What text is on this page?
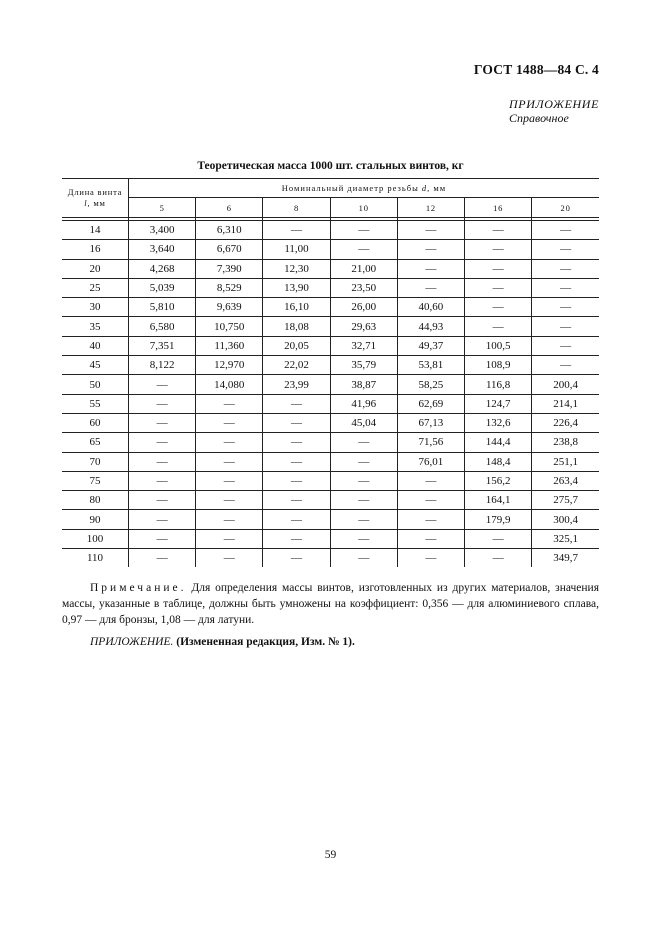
ГОСТ 1488—84 С. 4
ПРИЛОЖЕНИЕ
Справочное
Теоретическая масса 1000 шт. стальных винтов, кг
Длина винта
l, мм	Номинальный диаметр резьбы d, мм						
	5	6	8	10	12	16	20

14	3,400	6,310	—	—	—	—	—
16	3,640	6,670	11,00	—	—	—	—
20	4,268	7,390	12,30	21,00	—	—	—
25	5,039	8,529	13,90	23,50	—	—	—
30	5,810	9,639	16,10	26,00	40,60	—	—
35	6,580	10,750	18,08	29,63	44,93	—	—
40	7,351	11,360	20,05	32,71	49,37	100,5	—
45	8,122	12,970	22,02	35,79	53,81	108,9	—
50	—	14,080	23,99	38,87	58,25	116,8	200,4
55	—	—	—	41,96	62,69	124,7	214,1
60	—	—	—	45,04	67,13	132,6	226,4
65	—	—	—	—	71,56	144,4	238,8
70	—	—	—	—	76,01	148,4	251,1
75	—	—	—	—	—	156,2	263,4
80	—	—	—	—	—	164,1	275,7
90	—	—	—	—	—	179,9	300,4
100	—	—	—	—	—	—	325,1
110	—	—	—	—	—	—	349,7
Примечание. Для определения массы винтов, изготовленных из других материалов, значения массы, указанные в таблице, должны быть умножены на коэффициент: 0,356 — для алюминиевого сплава, 0,97 — для бронзы, 1,08 — для латуни.
ПРИЛОЖЕНИЕ. (Измененная редакция, Изм. № 1).
59
